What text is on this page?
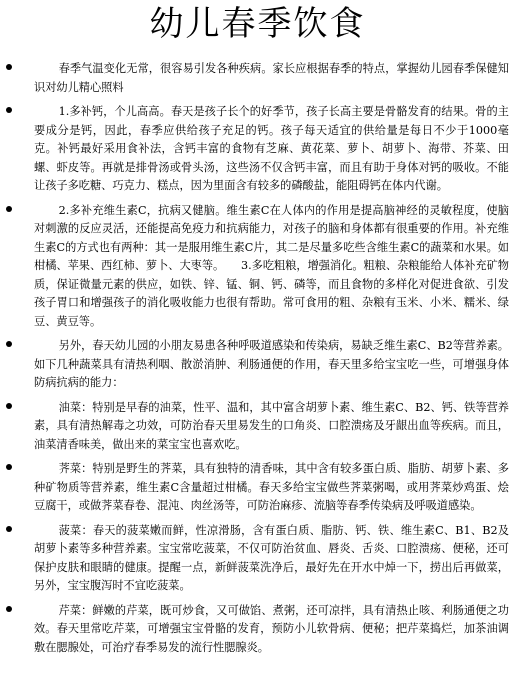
幼儿春季饮食

春季气温变化无常，很容易引发各种疾病。家长应根据春季的特点，掌握幼儿园春季保健知识对幼儿精心照料

1.多补钙，个儿高高。春天是孩子长个的好季节，孩子长高主要是骨骼发育的结果。骨的主要成分是钙，因此，春季应供给孩子充足的钙。孩子每天适宜的供给量是每日不少于1000毫克。补钙最好采用食补法，含钙丰富的食物有芝麻、黄花菜、萝卜、胡萝卜、海带、芥菜、田螺、虾皮等。再就是排骨汤或骨头汤，这些汤不仅含钙丰富，而且有助于身体对钙的吸收。不能让孩子多吃糖、巧克力、糕点，因为里面含有较多的磷酸盐，能阻碍钙在体内代谢。

2.多补充维生素C，抗病又健脑。维生素C在人体内的作用是提高脑神经的灵敏程度，使脑对刺激的反应灵活，还能提高免疫力和抗病能力，对孩子的脑和身体都有很重要的作用。补充维生素C的方式也有两种：其一是服用维生素C片，其二是尽量多吃些含维生素C的蔬菜和水果。如柑橘、苹果、西红柿、萝卜、大枣等。　　3.多吃粗粮，增强消化。粗粮、杂粮能给人体补充矿物质，保证微量元素的供应，如铁、锌、锰、铜、钙、磷等，而且食物的多样化对促进食欲、引发孩子胃口和增强孩子的消化吸收能力也很有帮助。常可食用的粗、杂粮有玉米、小米、糯米、绿豆、黄豆等。

另外，春天幼儿园的小朋友易患各种呼吸道感染和传染病，易缺乏维生素C、B2等营养素。如下几种蔬菜具有清热利咽、散淤消肿、利肠通便的作用，春天里多给宝宝吃一些，可增强身体防病抗病的能力：

油菜：特别是早春的油菜，性平、温和，其中富含胡萝卜素、维生素C、B2、钙、铁等营养素，具有清热解毒之功效，可防治春天里易发生的口角炎、口腔溃疡及牙龈出血等疾病。而且，油菜清香味美，做出来的菜宝宝也喜欢吃。

荠菜：特别是野生的荠菜，具有独特的清香味，其中含有较多蛋白质、脂肪、胡萝卜素、多种矿物质等营养素，维生素C含量超过柑橘。春天多给宝宝做些荠菜粥喝，或用荠菜炒鸡蛋、烩豆腐干，或做荠菜春卷、混沌、肉丝汤等，可防治麻疹、流脑等春季传染病及呼吸道感染。

菠菜：春天的菠菜嫩而鲜，性凉滑肠，含有蛋白质、脂肪、钙、铁、维生素C、B1、B2及胡萝卜素等多种营养素。宝宝常吃菠菜，不仅可防治贫血、唇炎、舌炎、口腔溃疡、便秘，还可保护皮肤和眼睛的健康。提醒一点，新鲜菠菜洗净后，最好先在开水中焯一下，捞出后再做菜，另外，宝宝腹泻时不宜吃菠菜。

芹菜：鲜嫩的芹菜，既可炒食，又可做馅、煮粥，还可凉拌，具有清热止咳、利肠通便之功效。春天里常吃芹菜，可增强宝宝骨骼的发育，预防小儿软骨病、便秘；把芹菜捣烂，加茶油调敷在腮腺处，可治疗春季易发的流行性腮腺炎。
